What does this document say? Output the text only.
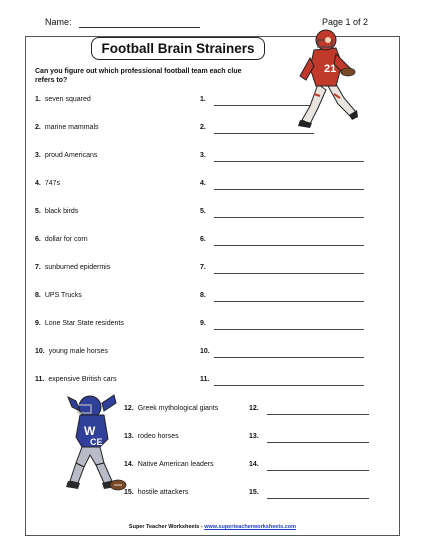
Name:	Page 1 of 2
Football Brain Strainers
Can you figure out which professional football team each clue refers to?
1. seven squared	1.
2. marine mammals	2.
3. proud Americans	3.
4. 747s	4.
5. black birds	5.
6. dollar for corn	6.
7. sunburned epidermis	7.
8. UPS Trucks	8.
9. Lone Star State residents	9.
10. young male horses	10.
11. expensive British cars	11.
12. Greek mythological giants	12.
13. rodeo horses	13.
14. Native American leaders	14.
15. hostile attackers	15.
21
W
CE
Super Teacher Worksheets - www.superteacherworksheets.com
